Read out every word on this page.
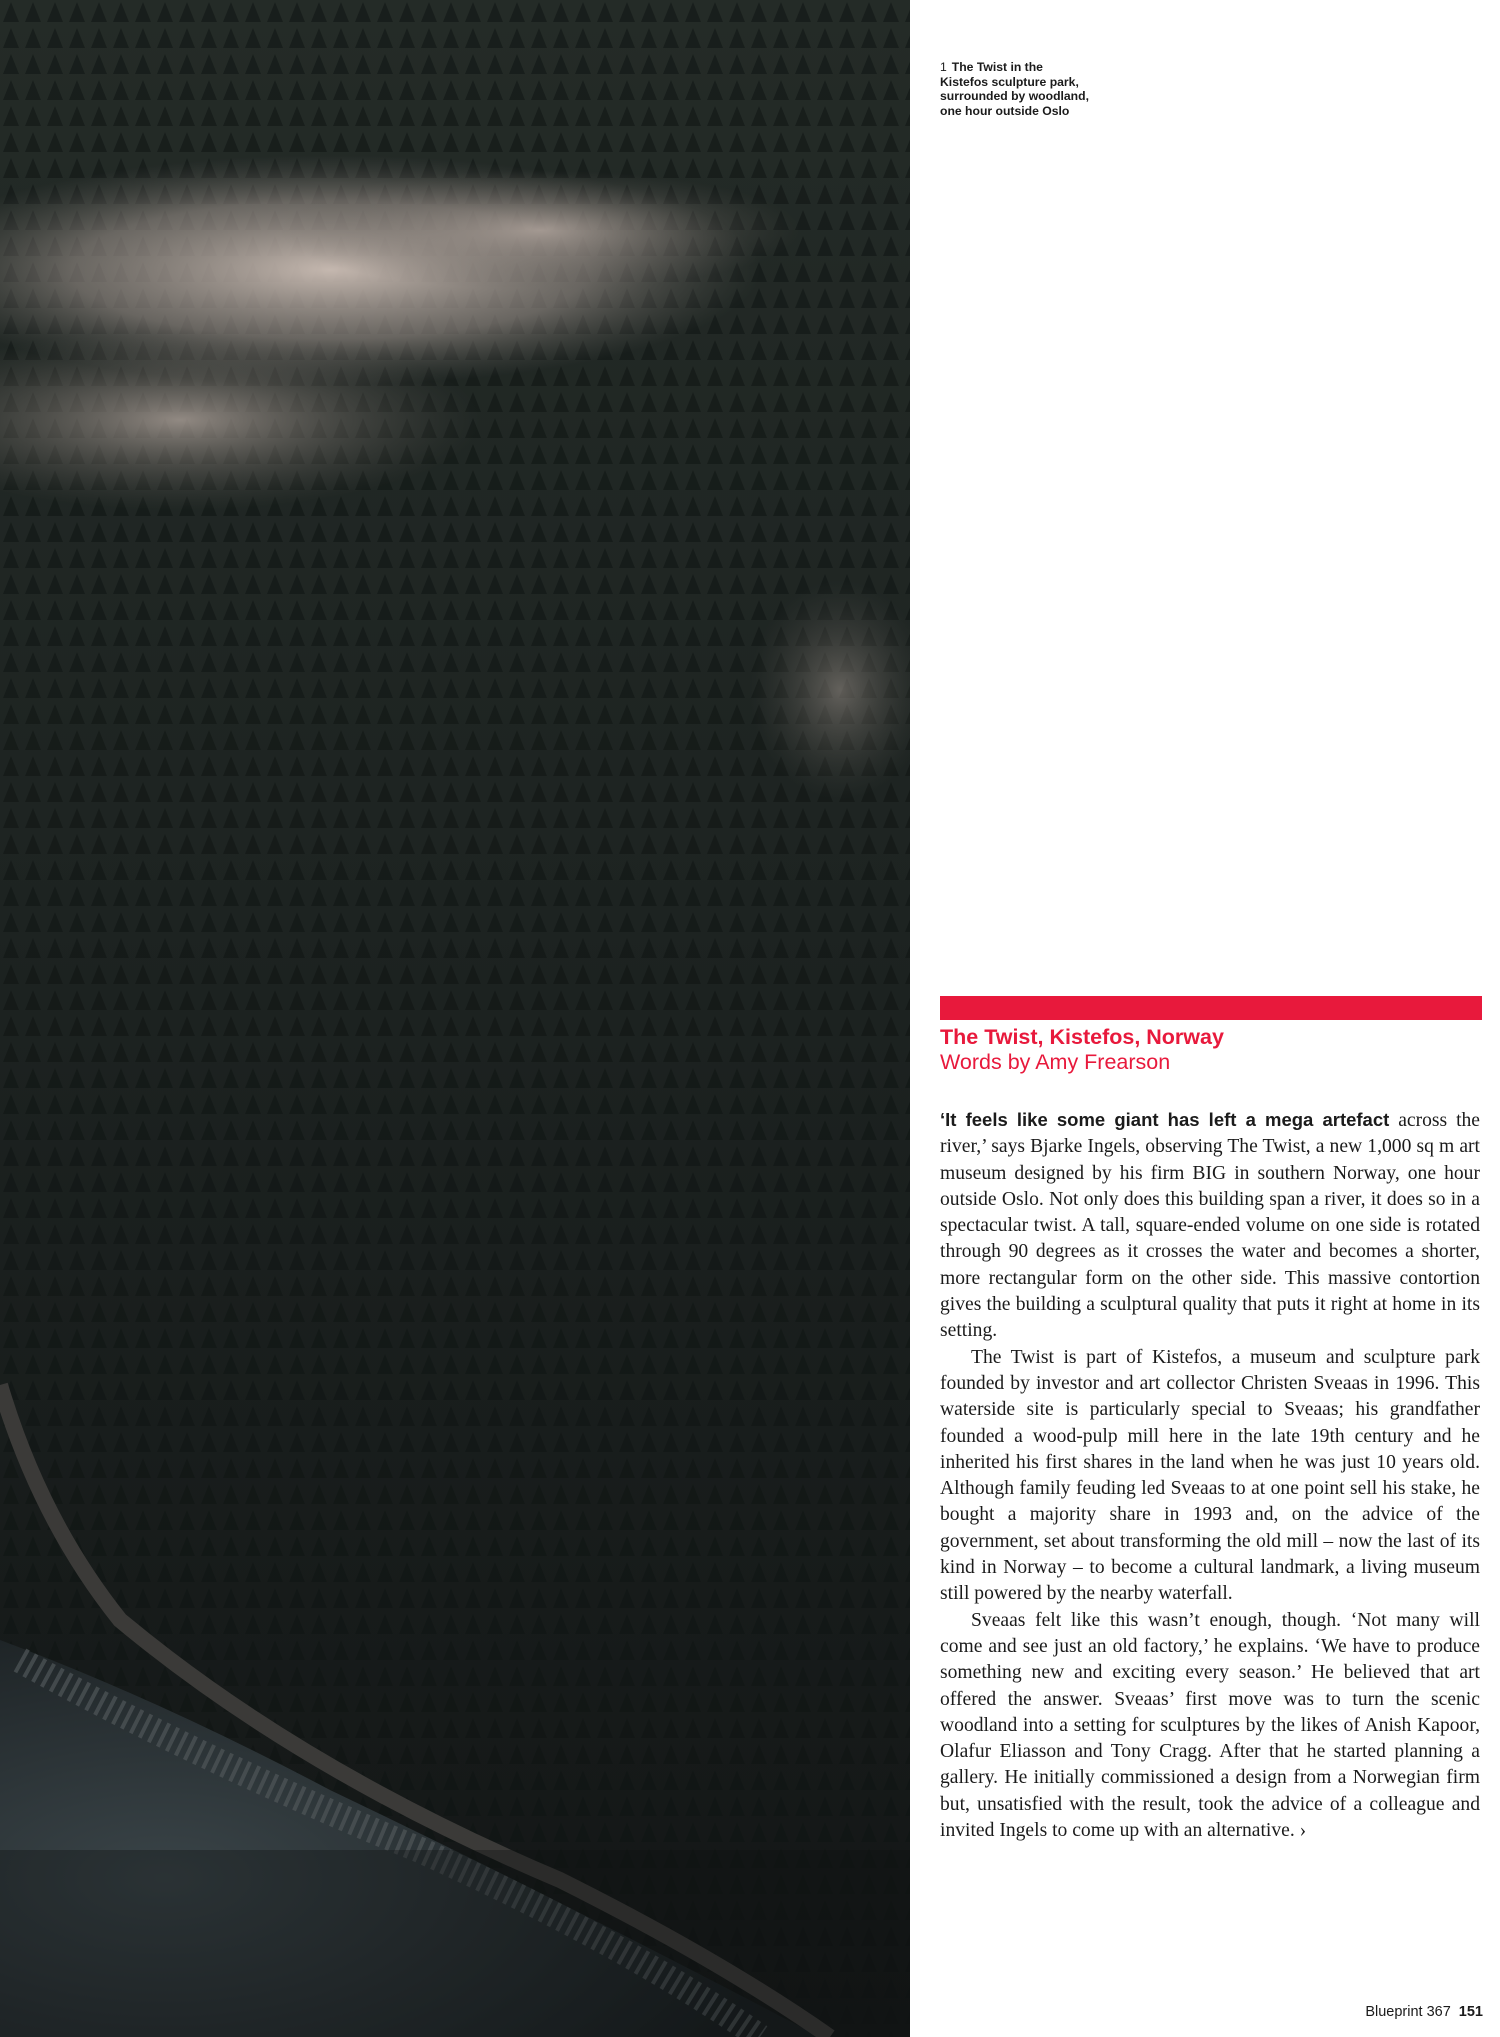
1 The Twist in the Kistefos sculpture park, surrounded by woodland, one hour outside Oslo
The Twist, Kistefos, Norway
Words by Amy Frearson

‘It feels like some giant has left a mega artefact across the river,’ says Bjarke Ingels, observing The Twist, a new 1,000 sq m art museum designed by his firm BIG in southern Norway, one hour outside Oslo. Not only does this building span a river, it does so in a spectacular twist. A tall, square-ended volume on one side is rotated through 90 degrees as it crosses the water and becomes a shorter, more rectangular form on the other side. This massive contortion gives the building a sculptural quality that puts it right at home in its setting.

The Twist is part of Kistefos, a museum and sculpture park founded by investor and art collector Christen Sveaas in 1996. This waterside site is particularly special to Sveaas; his grandfather founded a wood-pulp mill here in the late 19th century and he inherited his first shares in the land when he was just 10 years old. Although family feuding led Sveaas to at one point sell his stake, he bought a majority share in 1993 and, on the advice of the government, set about transforming the old mill – now the last of its kind in Norway – to become a cultural landmark, a living museum still powered by the nearby waterfall.

Sveaas felt like this wasn’t enough, though. ‘Not many will come and see just an old factory,’ he explains. ‘We have to produce something new and exciting every season.’ He believed that art offered the answer. Sveaas’ first move was to turn the scenic woodland into a setting for sculptures by the likes of Anish Kapoor, Olafur Eliasson and Tony Cragg. After that he started planning a gallery. He initially commissioned a design from a Norwegian firm but, unsatisfied with the result, took the advice of a colleague and invited Ingels to come up with an alternative. ›

Blueprint 367 151
